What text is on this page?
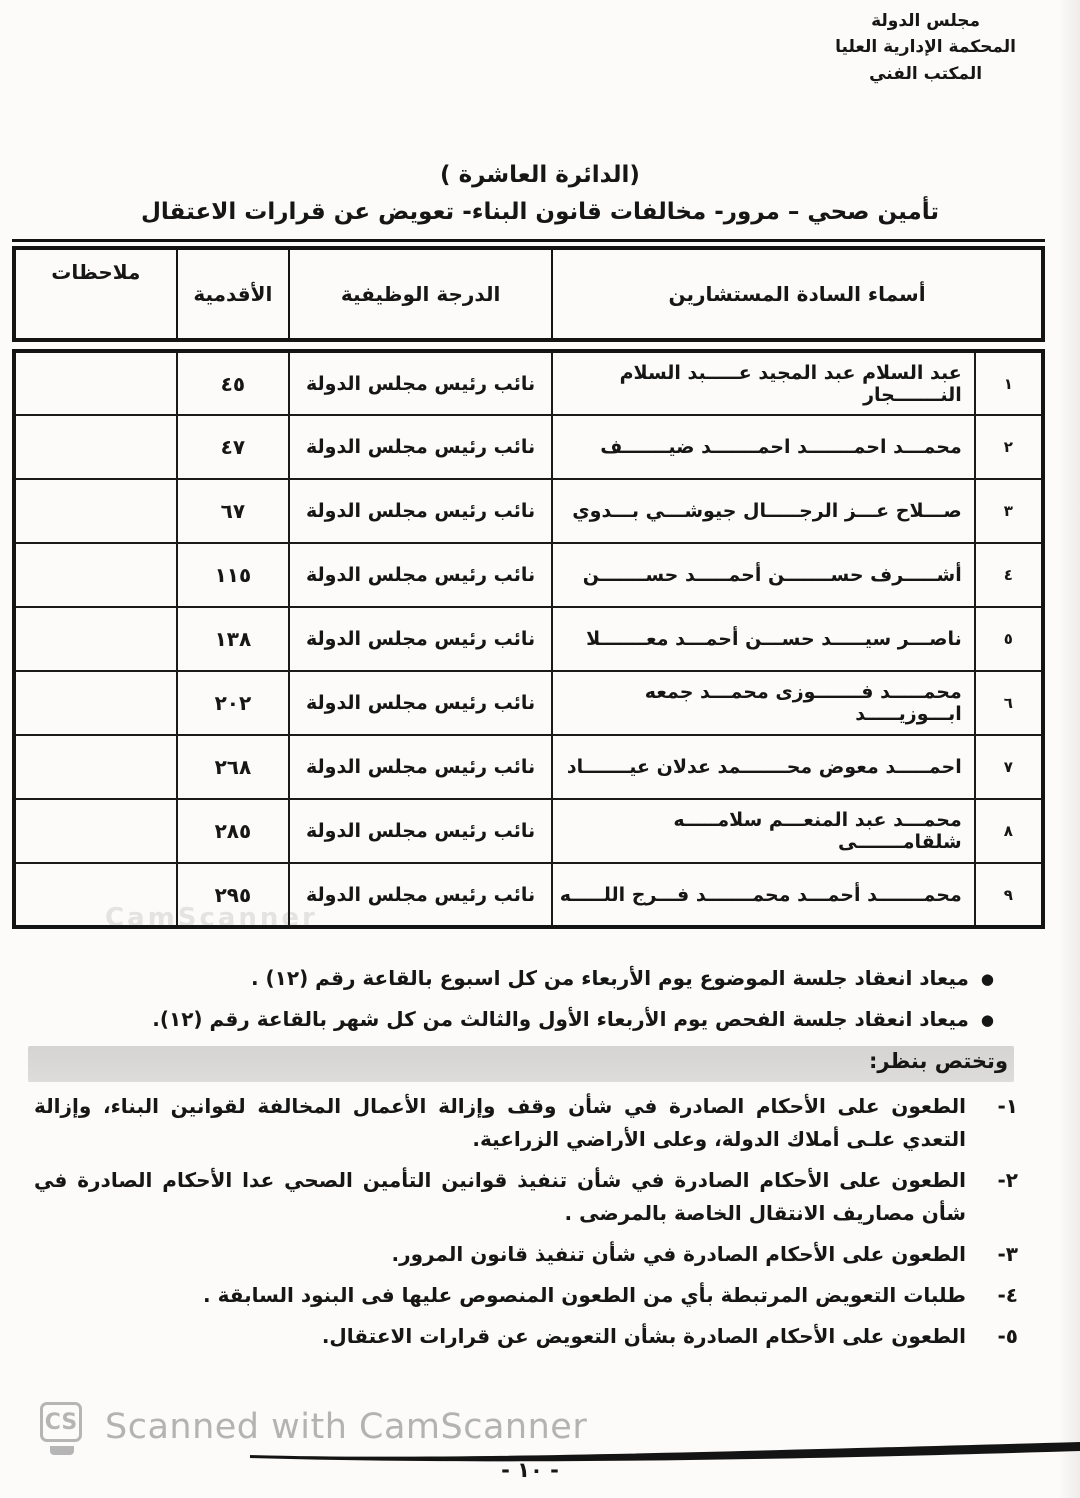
مجلس الدولة
المحكمة الإدارية العليا
المكتب الفني
(الدائرة العاشرة )
تأمين صحي – مرور- مخالفات قانون البناء- تعويض عن قرارات الاعتقال
أسماء السادة المستشارين	الدرجة الوظيفية	الأقدمية	ملاحظات
١	عبد السلام عبد المجيد عـــــبد السلام النـــــــجار	نائب رئيس مجلس الدولة	٤٥	
٢	محمـــد احمـــــــد احمـــــــد ضيـــــــف	نائب رئيس مجلس الدولة	٤٧	
٣	صـــلاح عـــز الرجـــــال جيوشـــي بـــدوي	نائب رئيس مجلس الدولة	٦٧	
٤	أشـــــرف حســـــــن أحمـــــد حســـــــن	نائب رئيس مجلس الدولة	١١٥	
٥	ناصـــر سيـــــد حســـن أحمـــد معـــــــلا	نائب رئيس مجلس الدولة	١٣٨	
٦	محمـــــد فـــــــوزى محمـــد جمعه ابـــوزيـــــد	نائب رئيس مجلس الدولة	٢٠٢	
٧	احمـــــد معوض محـــــــمد عدلان عيـــــــاد	نائب رئيس مجلس الدولة	٢٦٨	
٨	محمـــد عبد المنعـــم سلامـــــه شلقامـــــــى	نائب رئيس مجلس الدولة	٢٨٥	
٩	محمـــــــد أحمـــد محمـــــــد فـــرج اللـــــه	نائب رئيس مجلس الدولة	٢٩٥	
CamScanner
●
ميعاد انعقاد جلسة الموضوع يوم الأربعاء من كل اسبوع بالقاعة رقم (١٢) .
●
ميعاد انعقاد جلسة الفحص يوم الأربعاء الأول والثالث من كل شهر بالقاعة رقم (١٢).
وتختص بنظر:
١-
الطعون على الأحكام الصادرة في شأن وقف وإزالة الأعمال المخالفة لقوانين البناء، وإزالة التعدي علـى أملاك الدولة، وعلى الأراضي الزراعية.
٢-
الطعون على الأحكام الصادرة في شأن تنفيذ قوانين التأمين الصحي عدا الأحكام الصادرة في شأن مصاريف الانتقال الخاصة بالمرضى .
٣-
الطعون على الأحكام الصادرة في شأن تنفيذ قانون المرور.
٤-
طلبات التعويض المرتبطة بأي من الطعون المنصوص عليها فى البنود السابقة .
٥-
الطعون على الأحكام الصادرة بشأن التعويض عن قرارات الاعتقال.
CS Scanned with CamScanner
- ١٠ -
